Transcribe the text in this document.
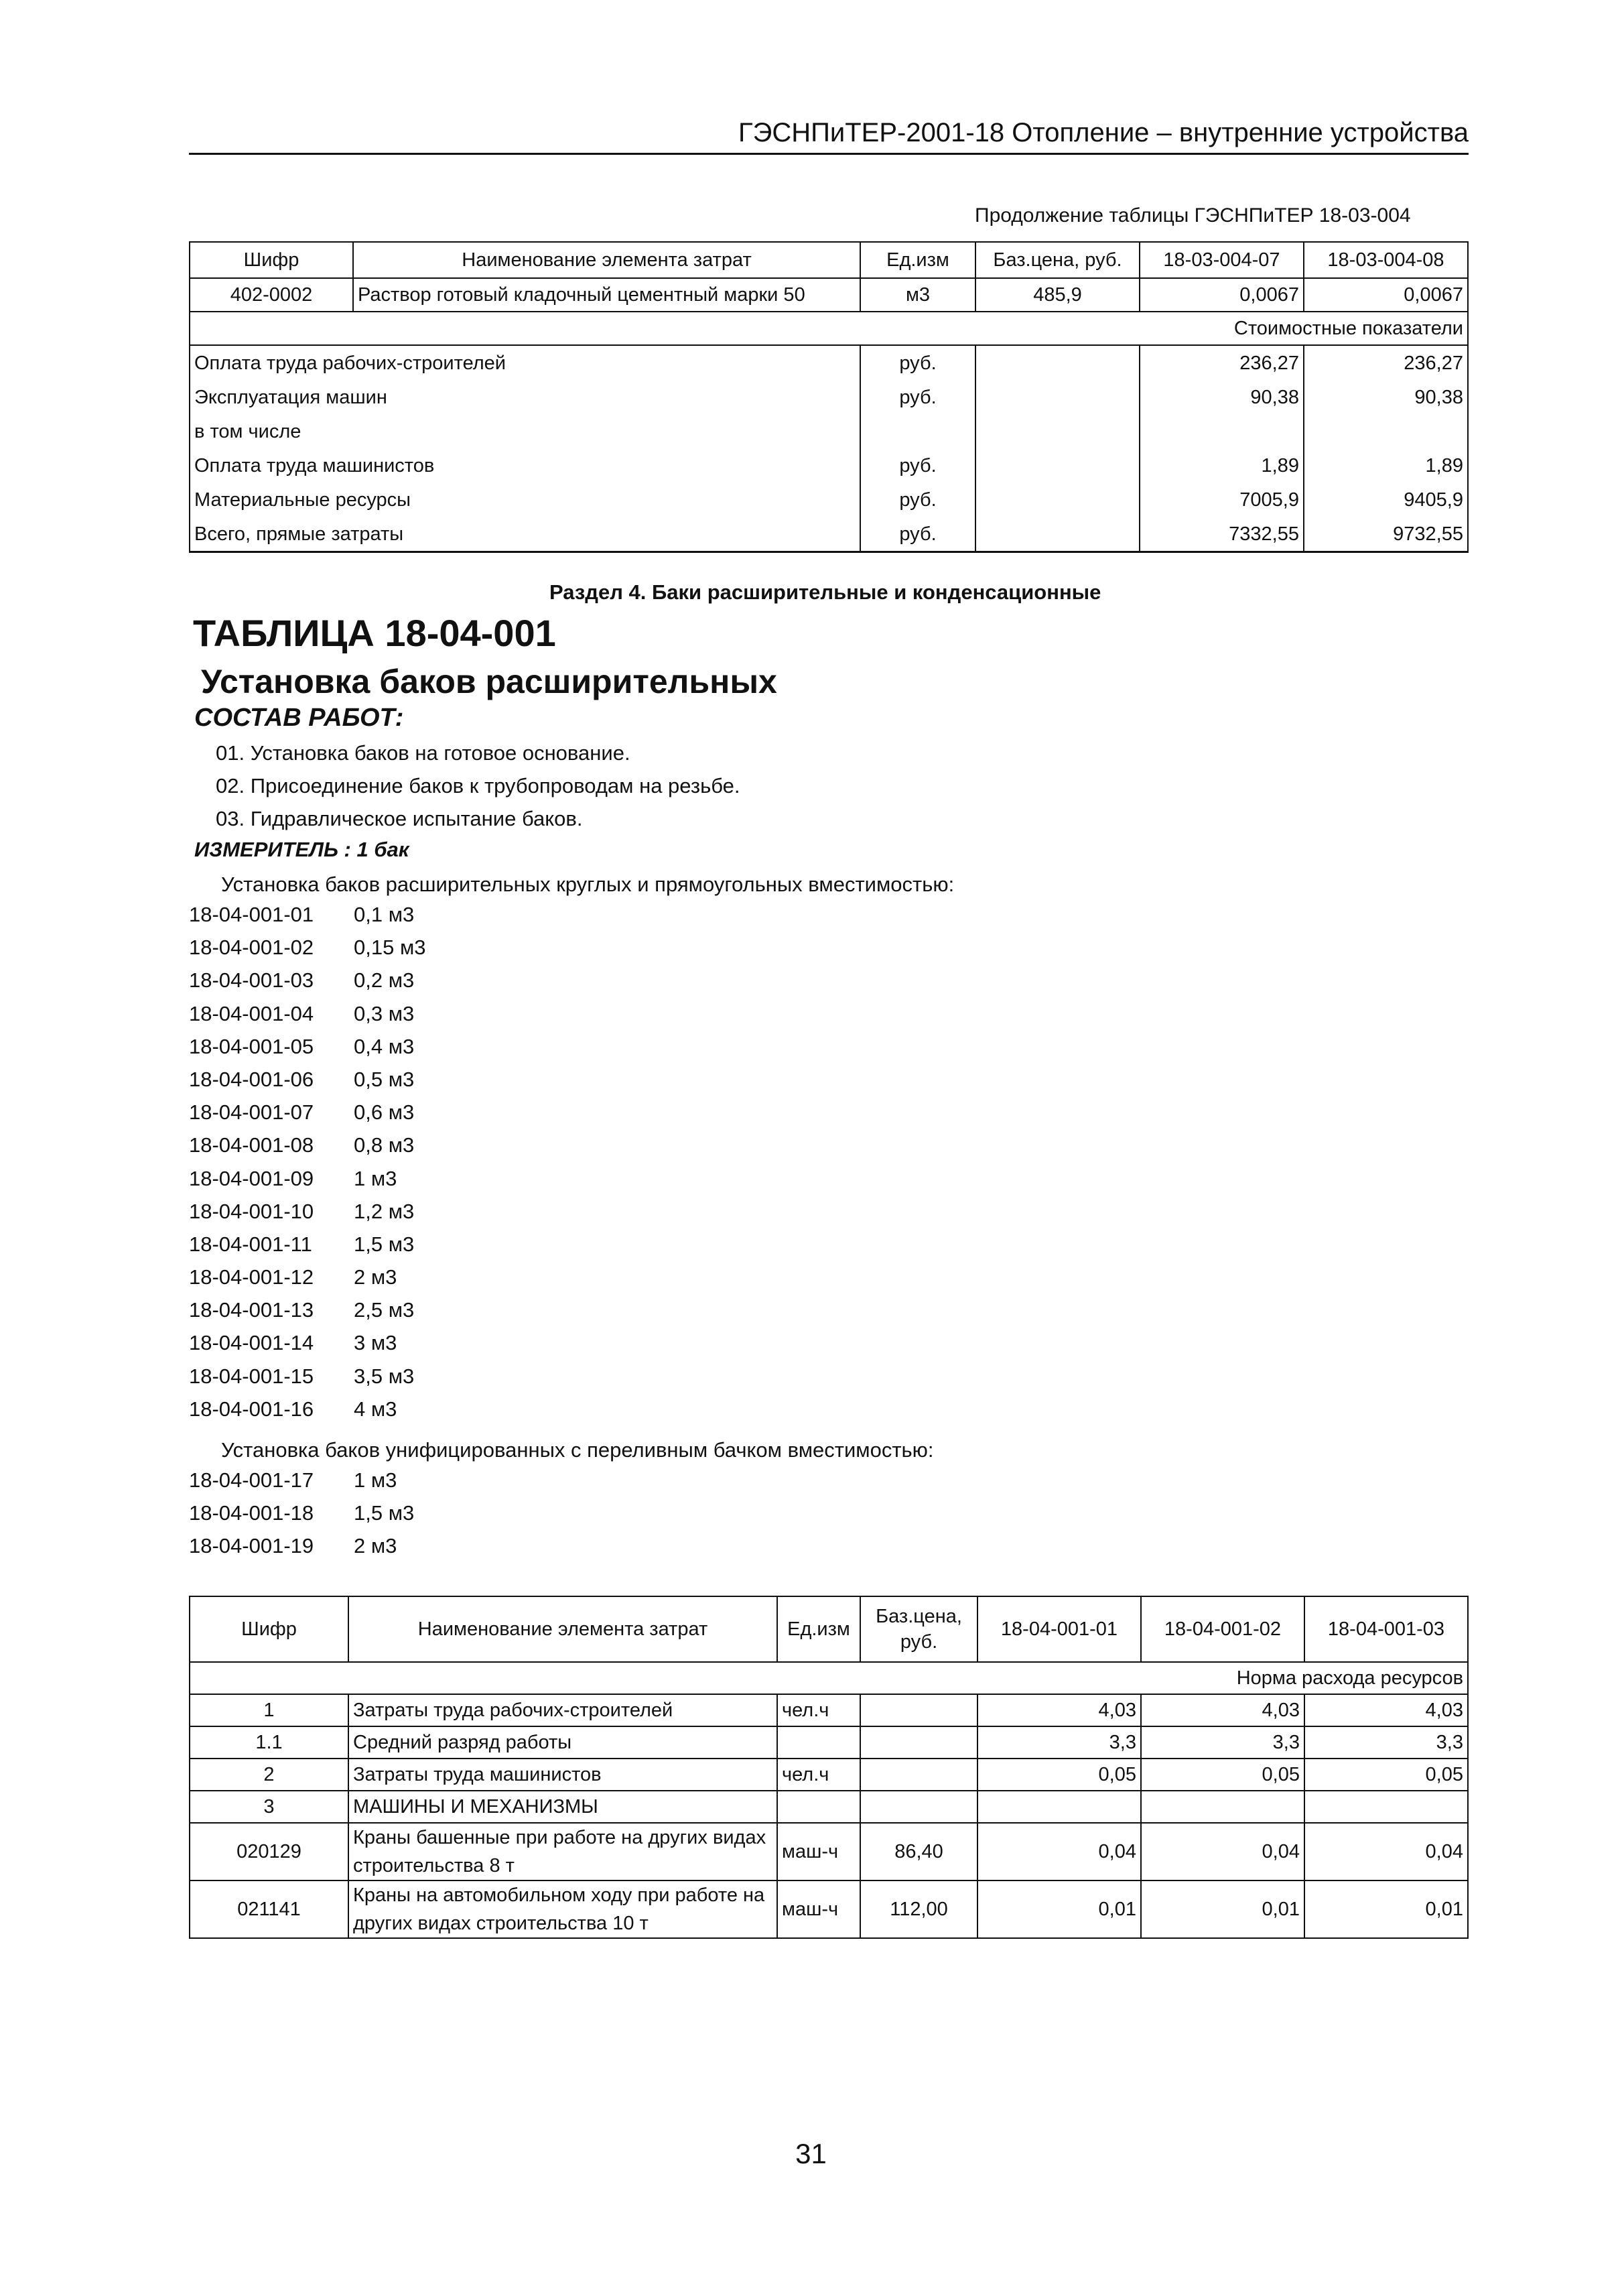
ГЭСНПиТЕР-2001-18 Отопление – внутренние устройства
Продолжение таблицы ГЭСНПиТЕР 18-03-004
Шифр	Наименование элемента затрат	Ед.изм	Баз.цена, руб.	18-03-004-07	18-03-004-08
402-0002	Раствор готовый кладочный цементный марки 50	м3	485,9	0,0067	0,0067
Стоимостные показатели					
Оплата труда рабочих-строителей		руб.		236,27	236,27
Эксплуатация машин		руб.		90,38	90,38
в том числе					
Оплата труда машинистов		руб.		1,89	1,89
Материальные ресурсы		руб.		7005,9	9405,9
Всего, прямые затраты		руб.		7332,55	9732,55
Раздел 4. Баки расширительные и конденсационные
ТАБЛИЦА 18-04-001
Установка баков расширительных
СОСТАВ РАБОТ:
01. Установка баков на готовое основание.
02. Присоединение баков к трубопроводам на резьбе.
03. Гидравлическое испытание баков.
ИЗМЕРИТЕЛЬ : 1 бак
Установка баков расширительных круглых и прямоугольных вместимостью:
18-04-001-01 0,1 м3
18-04-001-02 0,15 м3
18-04-001-03 0,2 м3
18-04-001-04 0,3 м3
18-04-001-05 0,4 м3
18-04-001-06 0,5 м3
18-04-001-07 0,6 м3
18-04-001-08 0,8 м3
18-04-001-09 1 м3
18-04-001-10 1,2 м3
18-04-001-11 1,5 м3
18-04-001-12 2 м3
18-04-001-13 2,5 м3
18-04-001-14 3 м3
18-04-001-15 3,5 м3
18-04-001-16 4 м3
Установка баков унифицированных с переливным бачком вместимостью:
18-04-001-17 1 м3
18-04-001-18 1,5 м3
18-04-001-19 2 м3
Шифр	Наименование элемента затрат	Ед.изм	Баз.цена, руб.	18-04-001-01	18-04-001-02	18-04-001-03
Норма расхода ресурсов						
1	Затраты труда рабочих-строителей	чел.ч		4,03	4,03	4,03
1.1	Средний разряд работы			3,3	3,3	3,3
2	Затраты труда машинистов	чел.ч		0,05	0,05	0,05
3	МАШИНЫ И МЕХАНИЗМЫ					
020129	Краны башенные при работе на других видах строительства 8 т	маш-ч	86,40	0,04	0,04	0,04
021141	Краны на автомобильном ходу при работе на других видах строительства 10 т	маш-ч	112,00	0,01	0,01	0,01
31
